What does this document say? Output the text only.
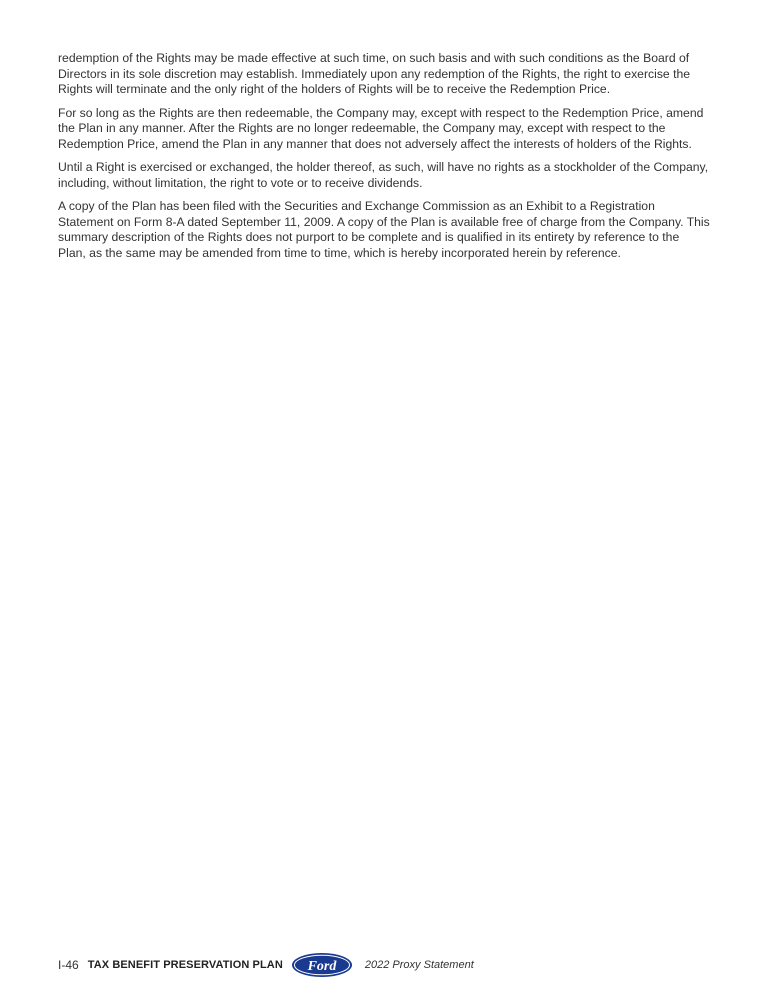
redemption of the Rights may be made effective at such time, on such basis and with such conditions as the Board of Directors in its sole discretion may establish. Immediately upon any redemption of the Rights, the right to exercise the Rights will terminate and the only right of the holders of Rights will be to receive the Redemption Price.

For so long as the Rights are then redeemable, the Company may, except with respect to the Redemption Price, amend the Plan in any manner. After the Rights are no longer redeemable, the Company may, except with respect to the Redemption Price, amend the Plan in any manner that does not adversely affect the interests of holders of the Rights.

Until a Right is exercised or exchanged, the holder thereof, as such, will have no rights as a stockholder of the Company, including, without limitation, the right to vote or to receive dividends.

A copy of the Plan has been filed with the Securities and Exchange Commission as an Exhibit to a Registration Statement on Form 8-A dated September 11, 2009. A copy of the Plan is available free of charge from the Company. This summary description of the Rights does not purport to be complete and is qualified in its entirety by reference to the Plan, as the same may be amended from time to time, which is hereby incorporated herein by reference.

I-46 TAX BENEFIT PRESERVATION PLAN Ford	2022 Proxy Statement
